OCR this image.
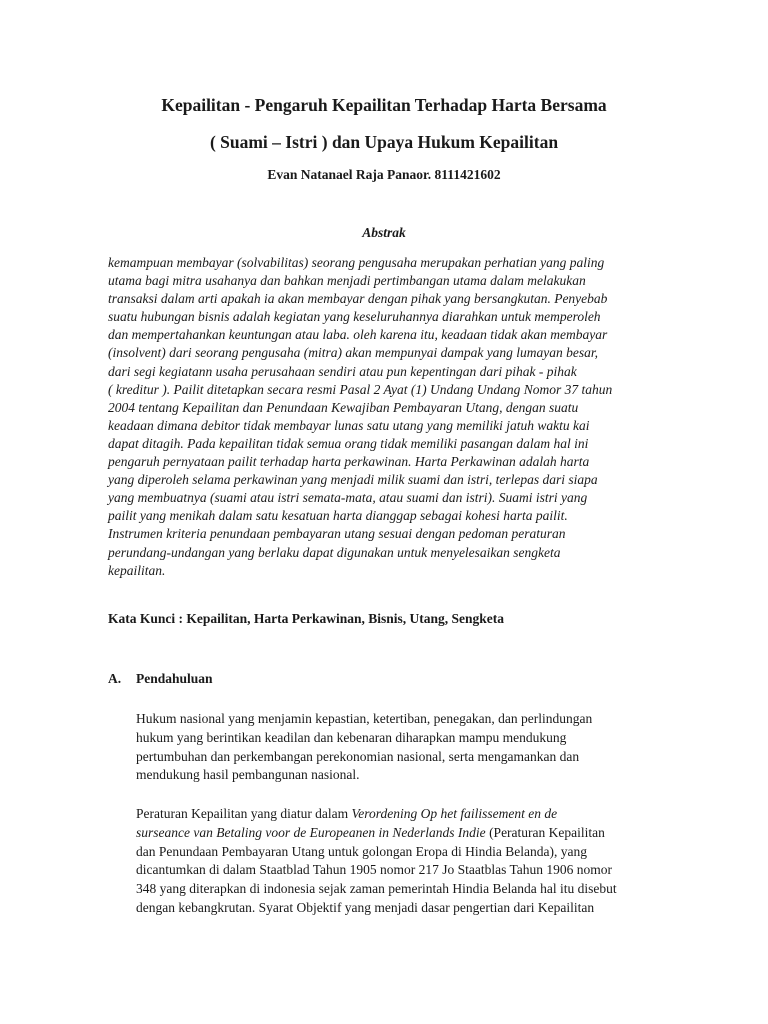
Kepailitan - Pengaruh Kepailitan Terhadap Harta Bersama
( Suami – Istri ) dan Upaya Hukum Kepailitan

Evan Natanael Raja Panaor. 8111421602

Abstrak

kemampuan membayar (solvabilitas) seorang pengusaha merupakan perhatian yang paling
utama bagi mitra usahanya dan bahkan menjadi pertimbangan utama dalam melakukan
transaksi dalam arti apakah ia akan membayar dengan pihak yang bersangkutan. Penyebab
suatu hubungan bisnis adalah kegiatan yang keseluruhannya diarahkan untuk memperoleh
dan mempertahankan keuntungan atau laba. oleh karena itu, keadaan tidak akan membayar
(insolvent) dari seorang pengusaha (mitra) akan mempunyai dampak yang lumayan besar,
dari segi kegiatann usaha perusahaan sendiri atau pun kepentingan dari pihak - pihak
( kreditur ). Pailit ditetapkan secara resmi Pasal 2 Ayat (1) Undang Undang Nomor 37 tahun
2004 tentang Kepailitan dan Penundaan Kewajiban Pembayaran Utang, dengan suatu
keadaan dimana debitor tidak membayar lunas satu utang yang memiliki jatuh waktu kai
dapat ditagih. Pada kepailitan tidak semua orang tidak memiliki pasangan dalam hal ini
pengaruh pernyataan pailit terhadap harta perkawinan. Harta Perkawinan adalah harta
yang diperoleh selama perkawinan yang menjadi milik suami dan istri, terlepas dari siapa
yang membuatnya (suami atau istri semata-mata, atau suami dan istri). Suami istri yang
pailit yang menikah dalam satu kesatuan harta dianggap sebagai kohesi harta pailit.
Instrumen kriteria penundaan pembayaran utang sesuai dengan pedoman peraturan
perundang-undangan yang berlaku dapat digunakan untuk menyelesaikan sengketa
kepailitan.

Kata Kunci : Kepailitan, Harta Perkawinan, Bisnis, Utang, Sengketa

A. Pendahuluan

Hukum nasional yang menjamin kepastian, ketertiban, penegakan, dan perlindungan
hukum yang berintikan keadilan dan kebenaran diharapkan mampu mendukung
pertumbuhan dan perkembangan perekonomian nasional, serta mengamankan dan
mendukung hasil pembangunan nasional.

Peraturan Kepailitan yang diatur dalam Verordening Op het failissement en de
surseance van Betaling voor de Europeanen in Nederlands Indie (Peraturan Kepailitan
dan Penundaan Pembayaran Utang untuk golongan Eropa di Hindia Belanda), yang
dicantumkan di dalam Staatblad Tahun 1905 nomor 217 Jo Staatblas Tahun 1906 nomor
348 yang diterapkan di indonesia sejak zaman pemerintah Hindia Belanda hal itu disebut
dengan kebangkrutan. Syarat Objektif yang menjadi dasar pengertian dari Kepailitan
